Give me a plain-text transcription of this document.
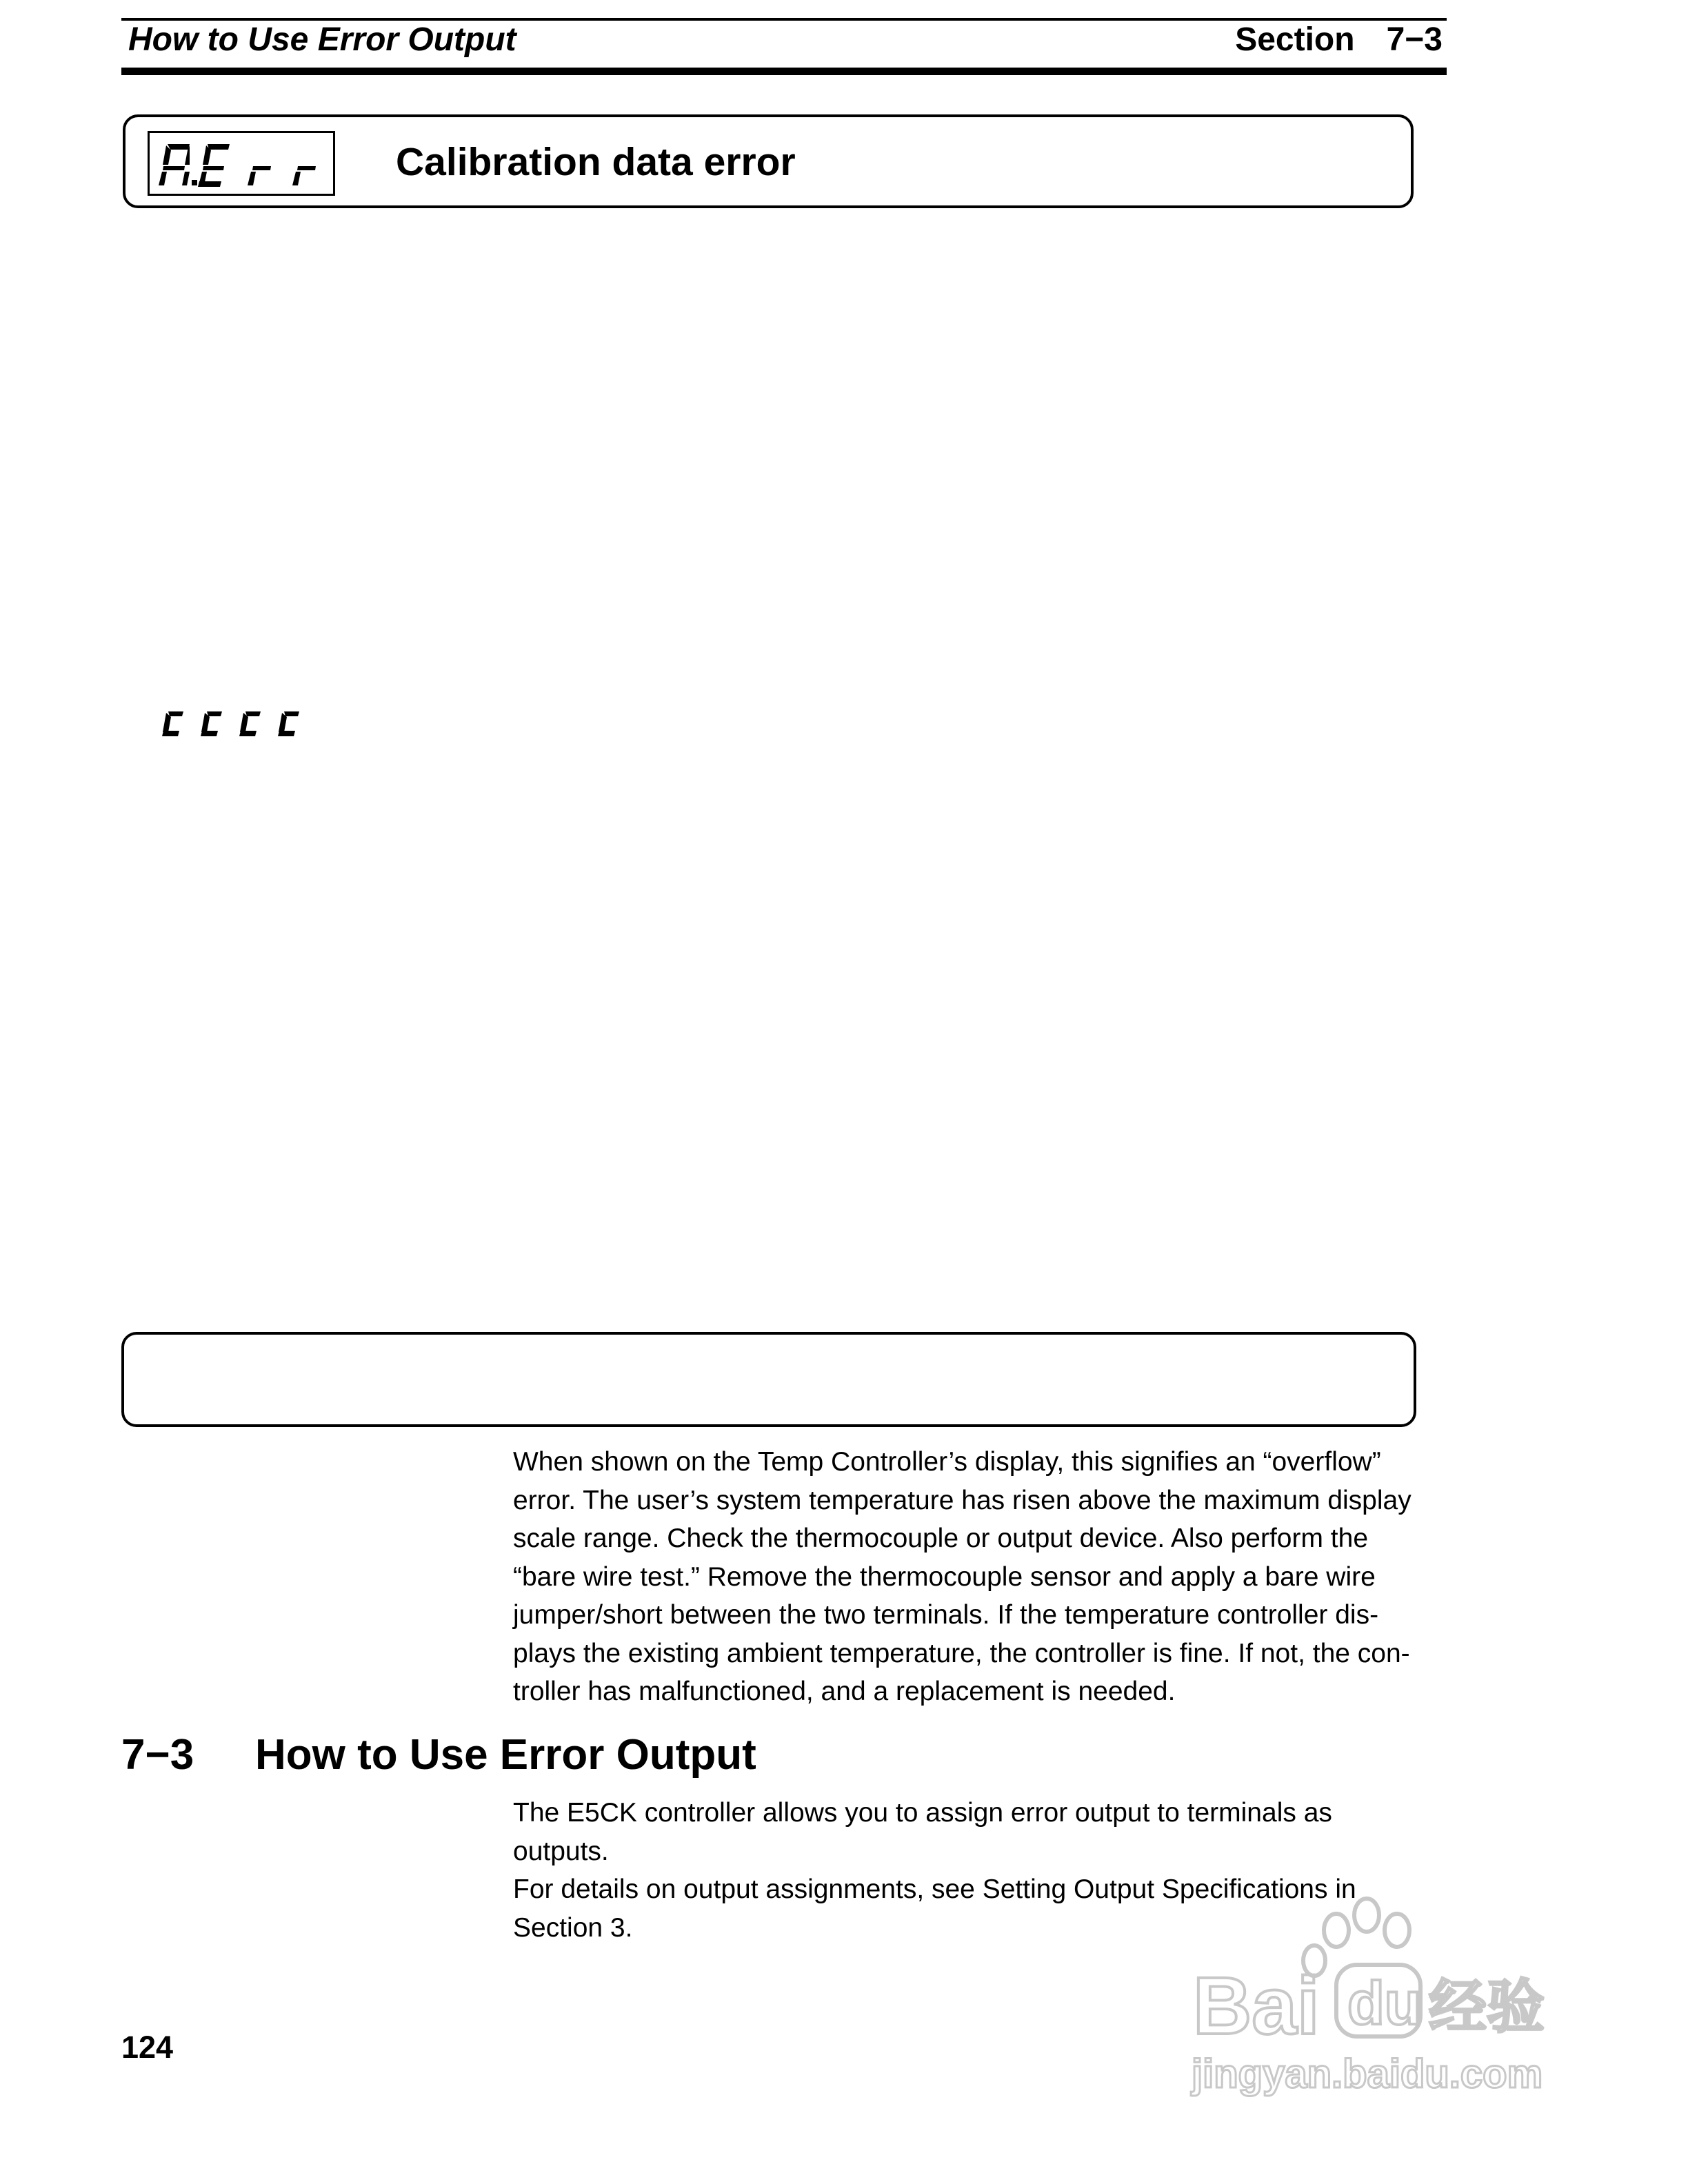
How to Use Error Output	Section 7−3
Calibration data error
When shown on the Temp Controller’s display, this signifies an “overflow”
error. The user’s system temperature has risen above the maximum display
scale range. Check the thermocouple or output device. Also perform the
“bare wire test.” Remove the thermocouple sensor and apply a bare wire
jumper/short between the two terminals. If the temperature controller dis-
plays the existing ambient temperature, the controller is fine. If not, the con-
troller has malfunctioned, and a replacement is needed.
7−3 How to Use Error Output
The E5CK controller allows you to assign error output to terminals as
outputs.
For details on output assignments, see Setting Output Specifications in
Section 3.
124	Bai du 经验
jingyan.baidu.com
